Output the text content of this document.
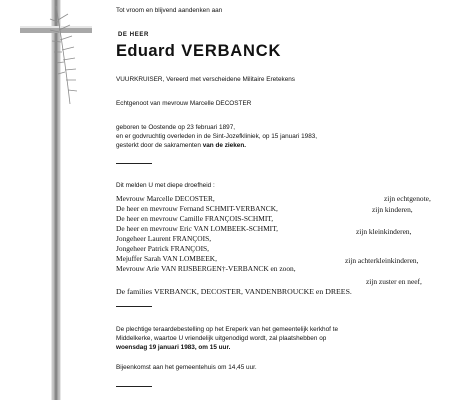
Tot vroom en blijvend aandenken aan
DE HEER
Eduard VERBANCK
VUURKRUISER, Vereerd met verscheidene Militaire Eretekens
Echtgenoot van mevrouw Marcelle DECOSTER
geboren te Oostende op 23 februari 1897,
en er godvruchtig overleden in de Sint-Jozefkliniek, op 15 januari 1983,
gesterkt door de sakramenten van de zieken.
Dit melden U met diepe droefheid :
Mevrouw Marcelle DECOSTER,	zijn echtgenote,
De heer en mevrouw Fernand SCHMIT-VERBANCK,	zijn kinderen,
De heer en mevrouw Camille FRANÇOIS-SCHMIT,
De heer en mevrouw Eric VAN LOMBEEK-SCHMIT,	zijn kleinkinderen,
Jongeheer Laurent FRANÇOIS,
Jongeheer Patrick FRANÇOIS,
Mejuffer Sarah VAN LOMBEEK,	zijn achterkleinkinderen,
Mevrouw Arie VAN RIJSBERGEN†-VERBANCK en zoon,
zijn zuster en neef,
De families VERBANCK, DECOSTER, VANDENBROUCKE en DREES.
De plechtige teraardebestelling op het Ereperk van het gemeentelijk kerkhof te
Middelkerke, waartoe U vriendelijk uitgenodigd wordt, zal plaatshebben op
woensdag 19 januari 1983, om 15 uur.
Bijeenkomst aan het gemeentehuis om 14,45 uur.
